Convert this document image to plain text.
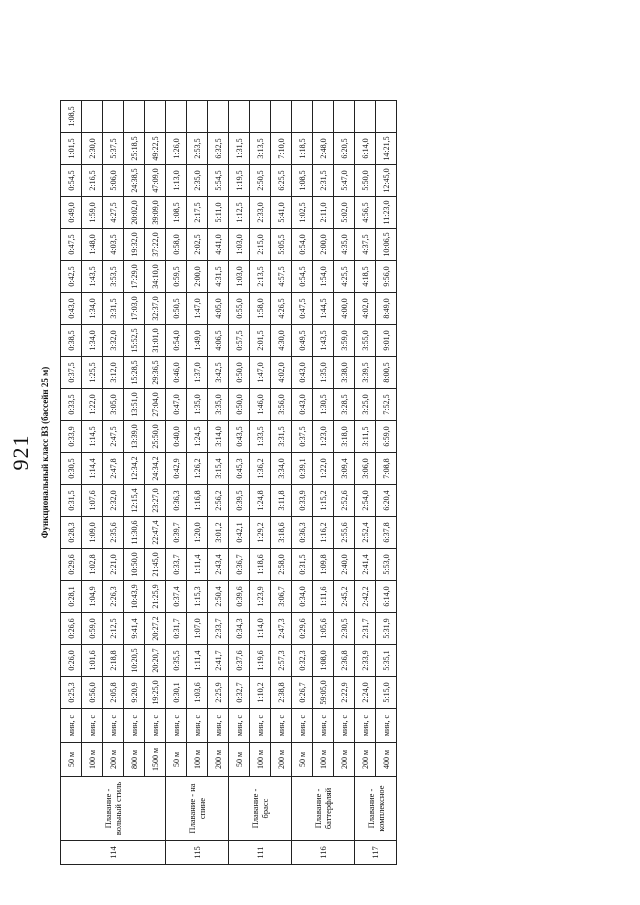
921 Функциональный класс В3 (бассейн 25 м)
114	Плавание - вольный стиль	50 м	мин, с	0:25,3	0:26,0	0:26,6	0:28,1	0:29,6	0:28,3	0:31,5	0:30,5	0:33,9	0:33,5	0:37,5	0:38,5	0:43,0	0:42,5	0:47,5	0:49,0	0:54,5	1:01,5	1:08,5
		100 м	мин, с	0:56,0	1:01,6	0:59,0	1:04,9	1:02,8	1:09,0	1:07,6	1:14,4	1:14,5	1:22,0	1:25,5	1:34,0	1:34,0	1:43,5	1:48,0	1:59,0	2:16,5	2:30,0	
		200 м	мин, с	2:05,8	2:18,8	2:12,5	2:26,3	2:21,0	2:35,6	2:32,0	2:47,8	2:47,5	3:05,0	3:12,0	3:32,0	3:31,5	3:53,5	4:03,5	4:27,5	5:06,0	5:37,5	
		800 м	мин, с	9:20,9	10:20,5	9:41,4	10:43,9	10:50,0	11:30,6	12:15,4	12:34,2	13:39,0	13:51,0	15:28,5	15:52,5	17:03,0	17:29,0	19:32,0	20:02,0	24:38,5	25:18,5	
		1500 м	мин, с	19:25,0	20:20,7	20:27,2	21:25,9	21:45,0	22:47,4	23:27,0	24:34,2	25:50,0	27:04,0	29:36,5	31:01,0	32:37,0	34:10,0	37:22,0	39:09,0	47:09,0	49:22,5	
115	Плавание - на спине	50 м	мин, с	0:30,1	0:35,5	0:31,7	0:37,4	0:33,7	0:39,7	0:36,3	0:42,9	0:40,0	0:47,0	0:46,0	0:54,0	0:50,5	0:59,5	0:58,0	1:08,5	1:13,0	1:26,0	
		100 м	мин, с	1:03,6	1:11,4	1:07,0	1:15,3	1:11,4	1:20,0	1:16,8	1:26,2	1:24,5	1:35,0	1:37,0	1:49,0	1:47,0	2:00,0	2:02,5	2:17,5	2:35,0	2:53,5	
		200 м	мин, с	2:25,9	2:41,7	2:33,7	2:50,4	2:43,4	3:01,2	2:56,2	3:15,4	3:14,0	3:35,0	3:42,5	4:06,5	4:05,0	4:31,5	4:41,0	5:11,0	5:54,5	6:32,5	
111	Плавание - брасс	50 м	мин, с	0:32,7	0:37,6	0:34,3	0:39,6	0:36,7	0:42,1	0:39,5	0:45,3	0:43,5	0:50,0	0:50,0	0:57,5	0:55,0	1:03,0	1:03,0	1:12,5	1:19,5	1:31,5	
		100 м	мин, с	1:10,2	1:19,6	1:14,0	1:23,9	1:18,6	1:29,2	1:24,8	1:36,2	1:33,5	1:46,0	1:47,0	2:01,5	1:58,0	2:13,5	2:15,0	2:33,0	2:50,5	3:13,5	
		200 м	мин, с	2:38,8	2:57,3	2:47,3	3:06,7	2:58,0	3:18,6	3:11,8	3:34,0	3:31,5	3:56,0	4:02,0	4:30,0	4:26,5	4:57,5	5:05,5	5:41,0	6:25,5	7:10,0	
116	Плавание - баттерфляй	50 м	мин, с	0:26,7	0:32,3	0:29,6	0:34,0	0:31,5	0:36,3	0:33,9	0:39,1	0:37,5	0:43,0	0:43,0	0:49,5	0:47,5	0:54,5	0:54,0	1:02,5	1:08,5	1:18,5	
		100 м	мин, с	59:05,0	1:08,0	1:05,6	1:11,6	1:09,8	1:16,2	1:15,2	1:22,0	1:23,0	1:30,5	1:35,0	1:43,5	1:44,5	1:54,0	2:00,0	2:11,0	2:31,5	2:48,0	
		200 м	мин, с	2:22,9	2:36,8	2:30,5	2:45,2	2:40,0	2:55,6	2:52,6	3:09,4	3:18,0	3:28,5	3:38,0	3:59,0	4:00,0	4:25,5	4:35,0	5:02,0	5:47,0	6:20,5	
117	Плавание - комплексное	200 м	мин, с	2:24,0	2:33,9	2:31,7	2:42,2	2:41,4	2:52,4	2:54,0	3:06,0	3:11,5	3:25,0	3:39,5	3:55,0	4:02,0	4:18,5	4:37,5	4:56,5	5:50,0	6:14,0	
		400 м	мин, с	5:15,0	5:35,1	5:31,9	6:14,0	5:53,0	6:37,8	6:20,4	7:08,8	6:59,0	7:52,5	8:00,5	9:01,0	8:49,0	9:56,0	10:06,5	11:23,0	12:45,0	14:21,5	
